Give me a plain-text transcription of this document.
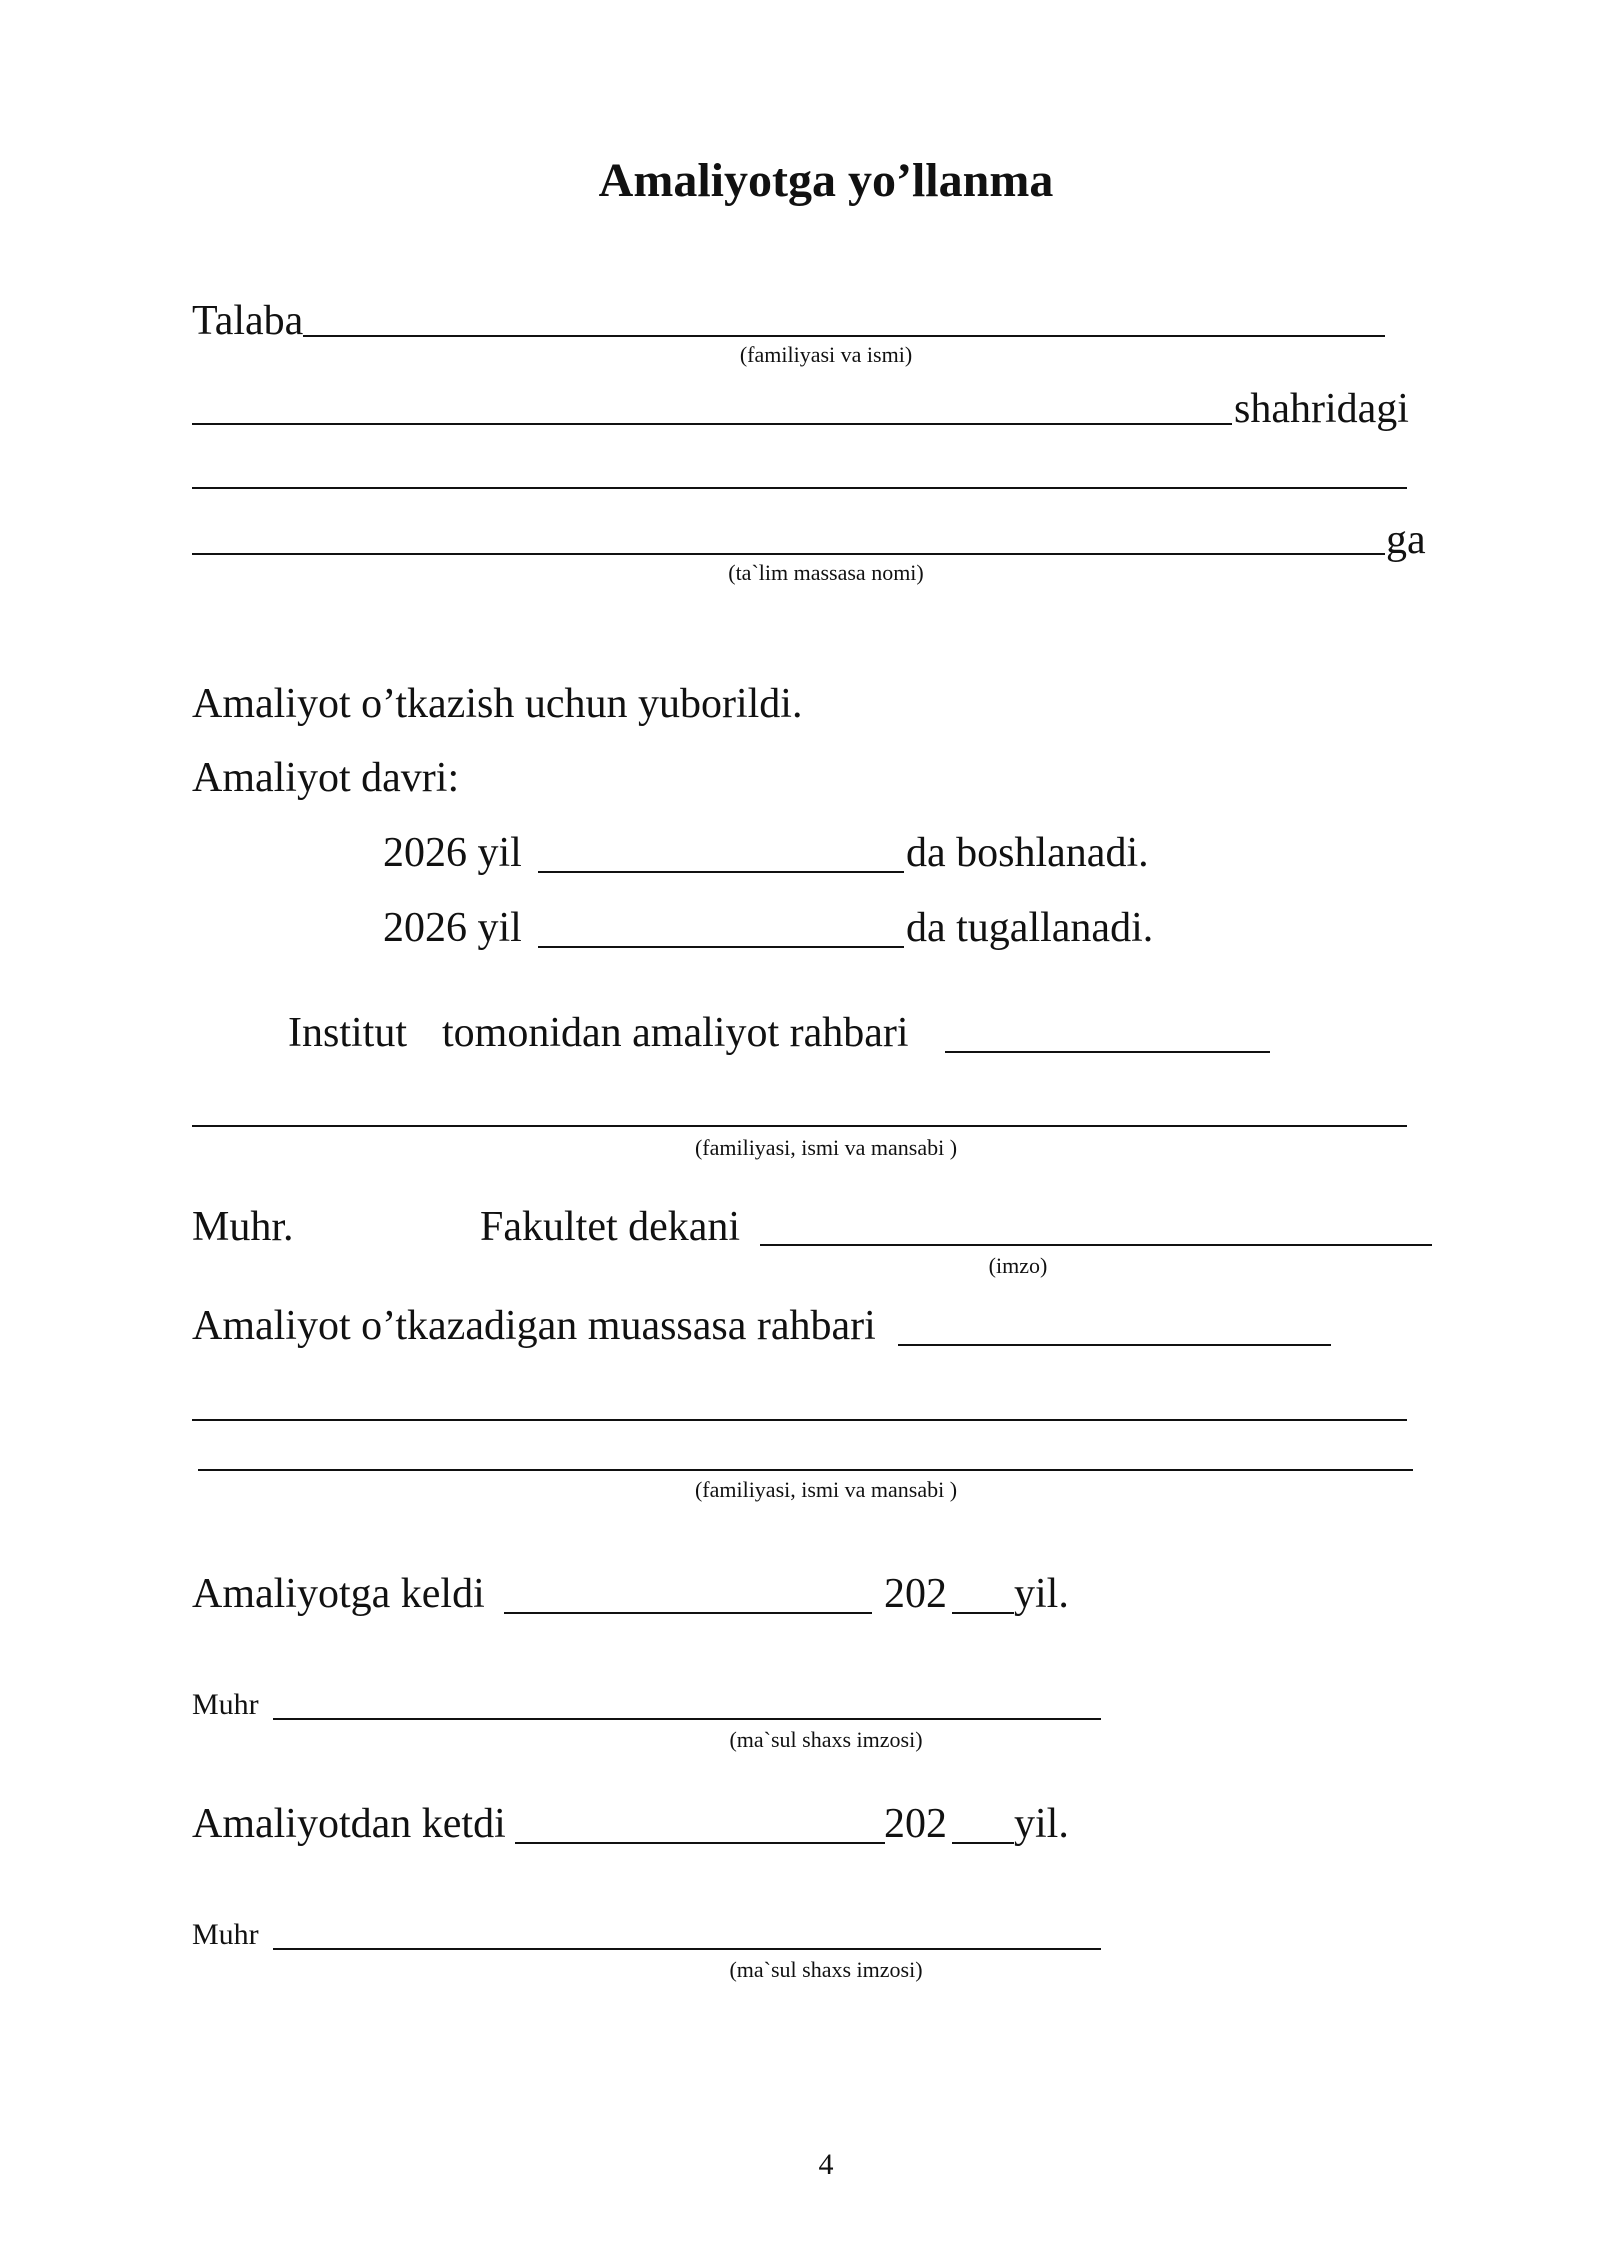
Amaliyotga yo’llanma
Talaba
(familiyasi va ismi)
shahridagi
ga
(ta`lim massasa nomi)
Amaliyot o’tkazish uchun yuborildi.
Amaliyot davri:
2026 yil	da boshlanadi.
2026 yil	da tugallanadi.
Institut tomonidan amaliyot rahbari
(familiyasi, ismi va mansabi )
Muhr.	Fakultet dekani
(imzo)
Amaliyot o’tkazadigan muassasa rahbari
(familiyasi, ismi va mansabi )
Amaliyotga keldi	202 yil.
Muhr
(ma`sul shaxs imzosi)
Amaliyotdan ketdi	202 yil.
Muhr
(ma`sul shaxs imzosi)
4
